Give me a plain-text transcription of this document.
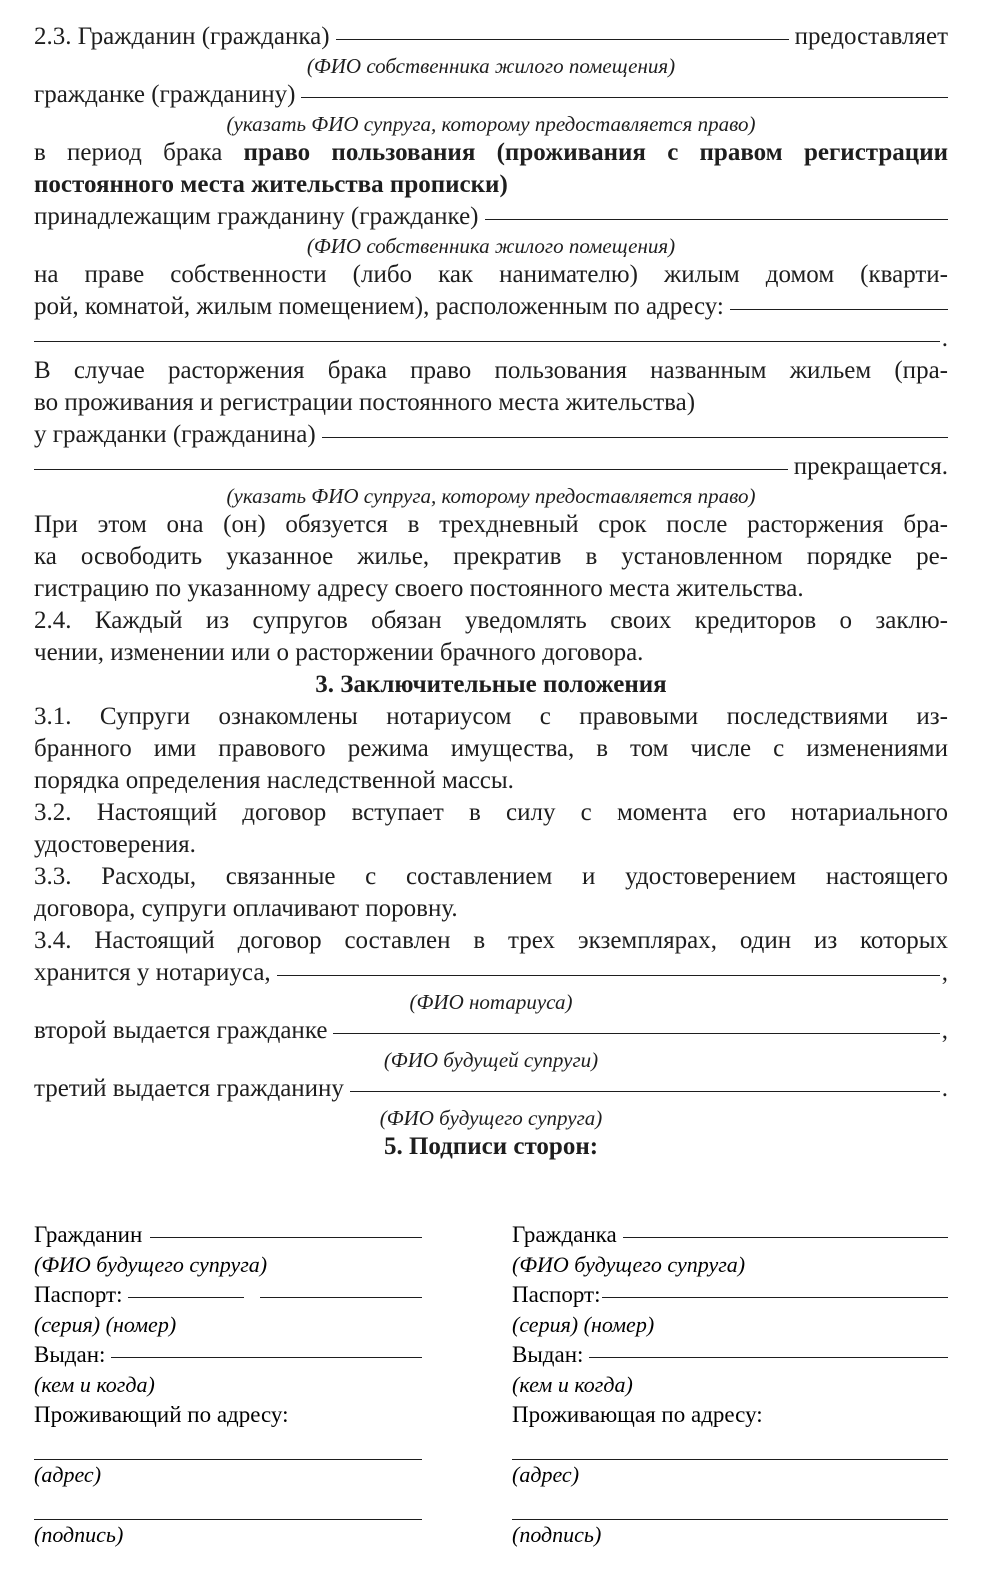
2.3. Гражданин (гражданка)	предоставляет
(ФИО собственника жилого помещения)
гражданке (гражданину)
(указать ФИО супруга, которому предоставляется право)
в период брака право пользования (проживания с правом регистрации
постоянного места жительства прописки)
принадлежащим гражданину (гражданке)
(ФИО собственника жилого помещения)
на праве собственности (либо как нанимателю) жилым домом (кварти-
рой, комнатой, жилым помещением), расположенным по адресу:
.
В случае расторжения брака право пользования названным жильем (пра-
во проживания и регистрации постоянного места жительства)
у гражданки (гражданина)
прекращается.
(указать ФИО супруга, которому предоставляется право)
При этом она (он) обязуется в трехдневный срок после расторжения бра-
ка освободить указанное жилье, прекратив в установленном порядке ре-
гистрацию по указанному адресу своего постоянного места жительства.
2.4. Каждый из супругов обязан уведомлять своих кредиторов о заклю-
чении, изменении или о расторжении брачного договора.
3. Заключительные положения
3.1. Супруги ознакомлены нотариусом с правовыми последствиями из-
бранного ими правового режима имущества, в том числе с изменениями
порядка определения наследственной массы.
3.2. Настоящий договор вступает в силу с момента его нотариального
удостоверения.
3.3. Расходы, связанные с составлением и удостоверением настоящего
договора, супруги оплачивают поровну.
3.4. Настоящий договор составлен в трех экземплярах, один из которых
хранится у нотариуса,	,
(ФИО нотариуса)
второй выдается гражданке	,
(ФИО будущей супруги)
третий выдается гражданину	.
(ФИО будущего супруга)
5. Подписи сторон:
Гражданин
(ФИО будущего супруга)
Паспорт:
(серия) (номер)
Выдан:
(кем и когда)
Проживающий по адресу:
(адрес)
(подпись)
Гражданка
(ФИО будущего супруга)
Паспорт:
(серия) (номер)
Выдан:
(кем и когда)
Проживающая по адресу:
(адрес)
(подпись)
